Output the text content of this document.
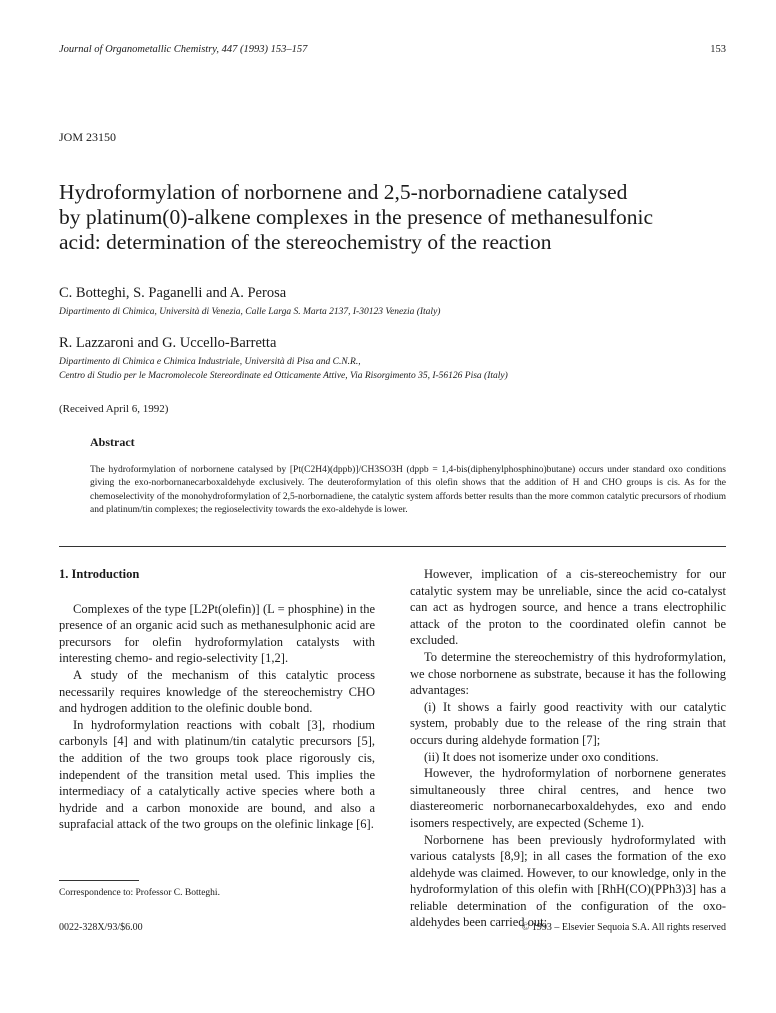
Journal of Organometallic Chemistry, 447 (1993) 153–157	153
JOM 23150
Hydroformylation of norbornene and 2,5-norbornadiene catalysed
by platinum(0)-alkene complexes in the presence of methanesulfonic
acid: determination of the stereochemistry of the reaction
C. Botteghi, S. Paganelli and A. Perosa
Dipartimento di Chimica, Università di Venezia, Calle Larga S. Marta 2137, I-30123 Venezia (Italy)
R. Lazzaroni and G. Uccello-Barretta
Dipartimento di Chimica e Chimica Industriale, Università di Pisa and C.N.R.,
Centro di Studio per le Macromolecole Stereordinate ed Otticamente Attive, Via Risorgimento 35, I-56126 Pisa (Italy)
(Received April 6, 1992)
Abstract
The hydroformylation of norbornene catalysed by [Pt(C2H4)(dppb)]/CH3SO3H (dppb = 1,4-bis(diphenylphosphino)butane) occurs under standard oxo conditions giving the exo-norbornanecarboxaldehyde exclusively. The deuteroformylation of this olefin shows that the addition of H and CHO groups is cis. As for the chemoselectivity of the monohydroformylation of 2,5-norbornadiene, the catalytic system affords better results than the more common catalytic precursors of rhodium and platinum/tin complexes; the regioselectivity towards the exo-aldehyde is lower.

1. Introduction

Complexes of the type [L2Pt(olefin)] (L = phosphine) in the presence of an organic acid such as methanesulphonic acid are precursors for olefin hydroformylation catalysts with interesting chemo- and regio-selectivity [1,2].

A study of the mechanism of this catalytic process necessarily requires knowledge of the stereochemistry CHO and hydrogen addition to the olefinic double bond.

In hydroformylation reactions with cobalt [3], rhodium carbonyls [4] and with platinum/tin catalytic precursors [5], the addition of the two groups took place rigorously cis, independent of the transition metal used. This implies the intermediacy of a catalytically active species where both a hydride and a carbon monoxide are bound, and also a suprafacial attack of the two groups on the olefinic linkage [6].

However, implication of a cis-stereochemistry for our catalytic system may be unreliable, since the acid co-catalyst can act as hydrogen source, and hence a trans electrophilic attack of the proton to the coordinated olefin cannot be excluded.

To determine the stereochemistry of this hydroformylation, we chose norbornene as substrate, because it has the following advantages:

(i) It shows a fairly good reactivity with our catalytic system, probably due to the release of the ring strain that occurs during aldehyde formation [7];

(ii) It does not isomerize under oxo conditions.

However, the hydroformylation of norbornene generates simultaneously three chiral centres, and hence two diastereomeric norbornanecarboxaldehydes, exo and endo isomers respectively, are expected (Scheme 1).

Norbornene has been previously hydroformylated with various catalysts [8,9]; in all cases the formation of the exo aldehyde was claimed. However, to our knowledge, only in the hydroformylation of this olefin with [RhH(CO)(PPh3)3] has a reliable determination of the configuration of the oxo-aldehydes been carried out;

Correspondence to: Professor C. Botteghi.
0022-328X/93/$6.00	© 1993 – Elsevier Sequoia S.A. All rights reserved
